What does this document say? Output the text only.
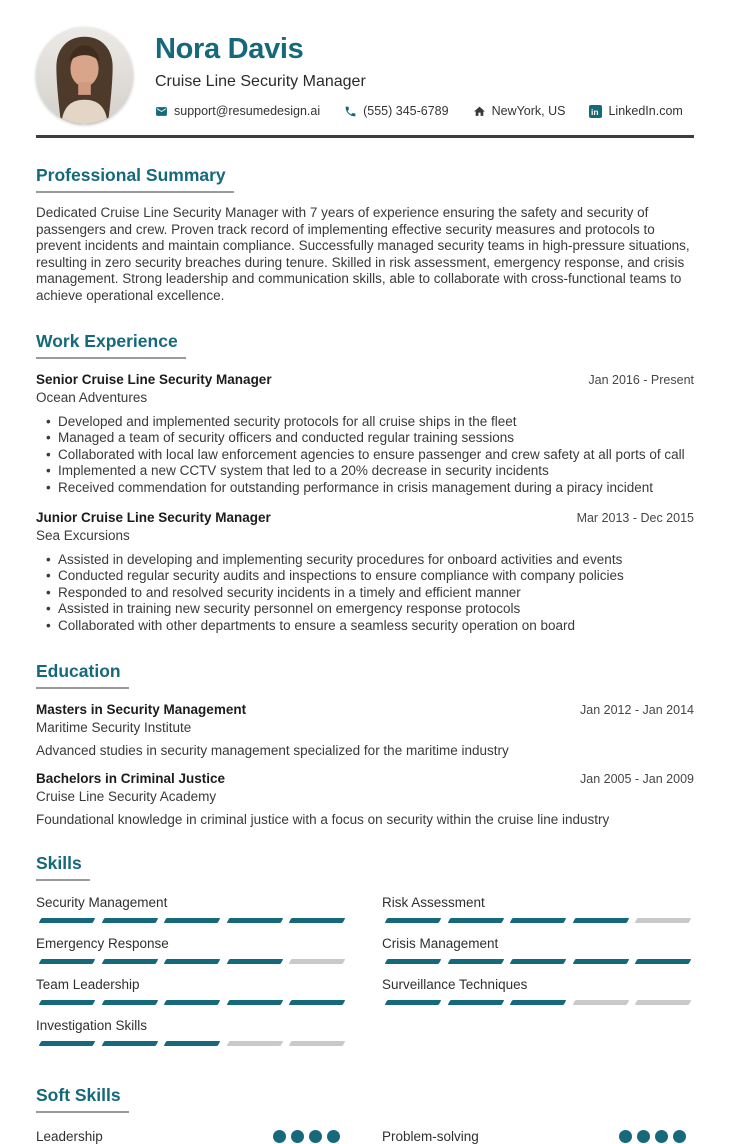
Nora Davis
Cruise Line Security Manager
support@resumedesign.ai	(555) 345-6789	NewYork, US	in LinkedIn.com
Professional Summary

Dedicated Cruise Line Security Manager with 7 years of experience ensuring the safety and security of passengers and crew. Proven track record of implementing effective security measures and protocols to prevent incidents and maintain compliance. Successfully managed security teams in high-pressure situations, resulting in zero security breaches during tenure. Skilled in risk assessment, emergency response, and crisis management. Strong leadership and communication skills, able to collaborate with cross-functional teams to achieve operational excellence.

Work Experience
Senior Cruise Line Security Manager	Jan 2016 - Present
Ocean Adventures
• Developed and implemented security protocols for all cruise ships in the fleet
• Managed a team of security officers and conducted regular training sessions
• Collaborated with local law enforcement agencies to ensure passenger and crew safety at all ports of call
• Implemented a new CCTV system that led to a 20% decrease in security incidents
• Received commendation for outstanding performance in crisis management during a piracy incident
Junior Cruise Line Security Manager	Mar 2013 - Dec 2015
Sea Excursions
• Assisted in developing and implementing security procedures for onboard activities and events
• Conducted regular security audits and inspections to ensure compliance with company policies
• Responded to and resolved security incidents in a timely and efficient manner
• Assisted in training new security personnel on emergency response protocols
• Collaborated with other departments to ensure a seamless security operation on board
Education
Masters in Security Management	Jan 2012 - Jan 2014
Maritime Security Institute
Advanced studies in security management specialized for the maritime industry
Bachelors in Criminal Justice	Jan 2005 - Jan 2009
Cruise Line Security Academy
Foundational knowledge in criminal justice with a focus on security within the cruise line industry
Skills
Security Management	Risk Assessment
Emergency Response	Crisis Management
Team Leadership	Surveillance Techniques
Investigation Skills
Soft Skills
Leadership	Problem-solving
